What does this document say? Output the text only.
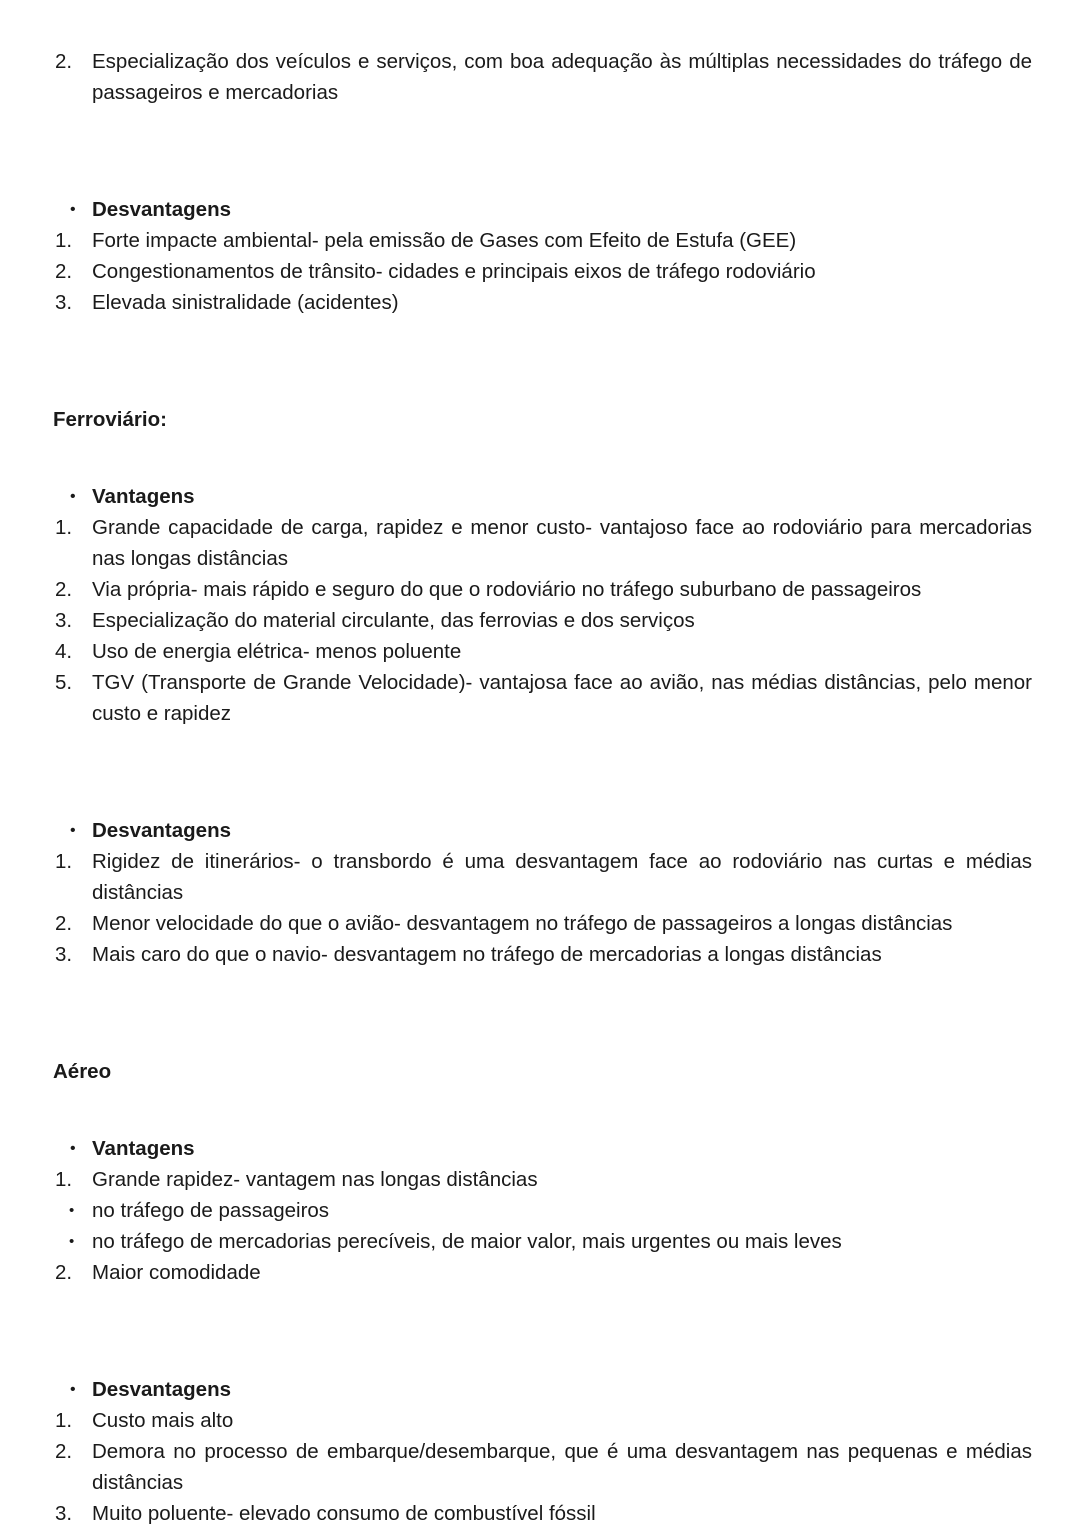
2. Especialização dos veículos e serviços, com boa adequação às múltiplas necessidades do tráfego de passageiros e mercadorias
• Desvantagens
1. Forte impacte ambiental- pela emissão de Gases com Efeito de Estufa (GEE)
2. Congestionamentos de trânsito- cidades e principais eixos de tráfego rodoviário
3. Elevada sinistralidade (acidentes)
Ferroviário:
• Vantagens
1. Grande capacidade de carga, rapidez e menor custo- vantajoso face ao rodoviário para mercadorias nas longas distâncias
2. Via própria- mais rápido e seguro do que o rodoviário no tráfego suburbano de passageiros
3. Especialização do material circulante, das ferrovias e dos serviços
4. Uso de energia elétrica- menos poluente
5. TGV (Transporte de Grande Velocidade)- vantajosa face ao avião, nas médias distâncias, pelo menor custo e rapidez
• Desvantagens
1. Rigidez de itinerários- o transbordo é uma desvantagem face ao rodoviário nas curtas e médias distâncias
2. Menor velocidade do que o avião- desvantagem no tráfego de passageiros a longas distâncias
3. Mais caro do que o navio- desvantagem no tráfego de mercadorias a longas distâncias
Aéreo
• Vantagens
1. Grande rapidez- vantagem nas longas distâncias
• no tráfego de passageiros
• no tráfego de mercadorias perecíveis, de maior valor, mais urgentes ou mais leves
2. Maior comodidade
• Desvantagens
1. Custo mais alto
2. Demora no processo de embarque/desembarque, que é uma desvantagem nas pequenas e médias distâncias
3. Muito poluente- elevado consumo de combustível fóssil
